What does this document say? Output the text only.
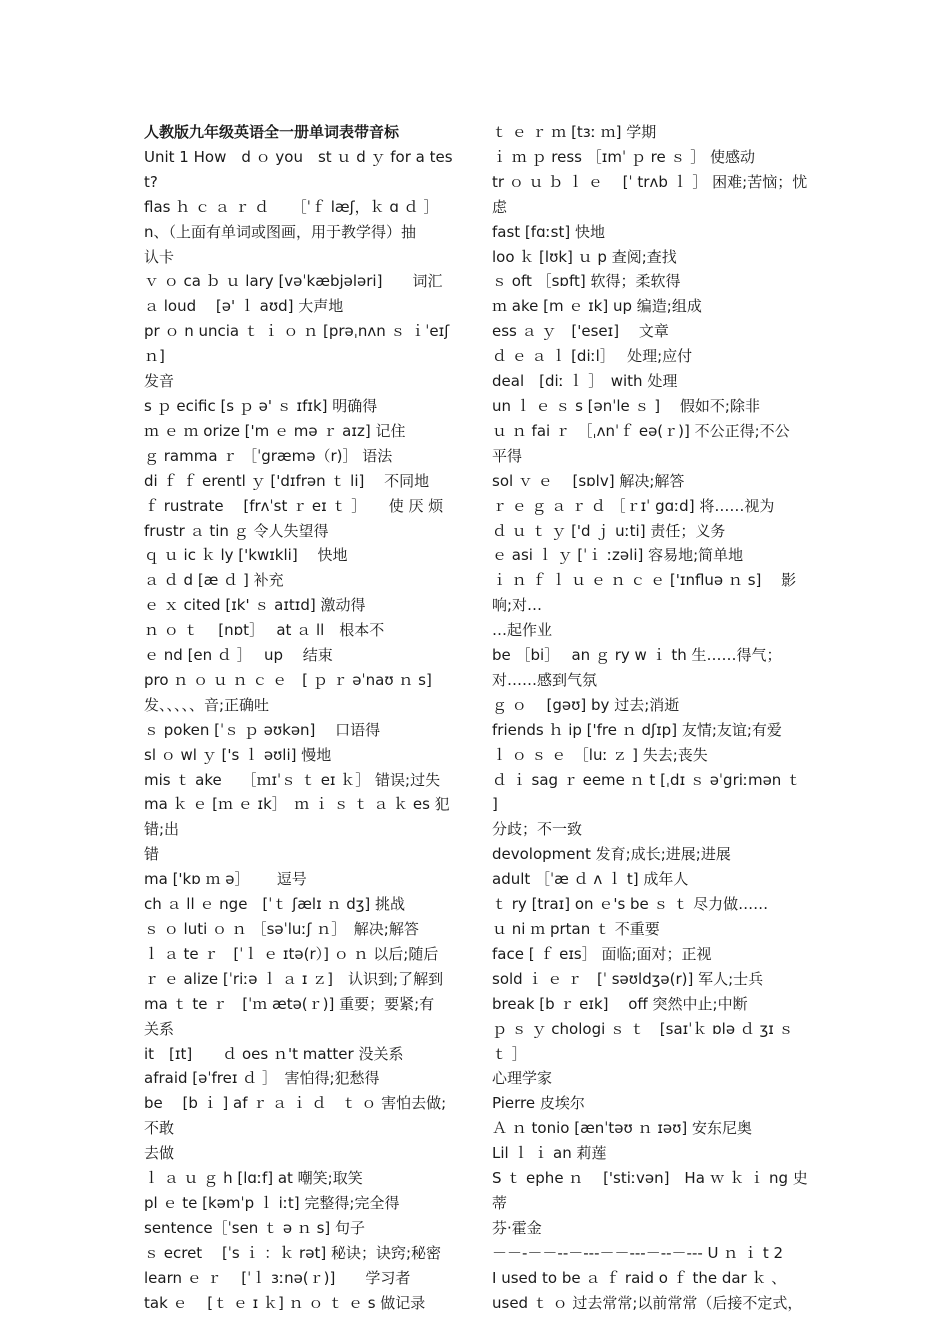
人教版九年级英语全一册单词表带音标
Unit 1 How　d ｏ you　st ｕ d ｙ for a test?
flas ｈ ｃ ａ ｒ ｄ　　［ˈｆ læʃ，ｋ ɑ ｄ ］
n、（上面有单词或图画，用于教学得）抽
认卡
ｖ ｏ ca ｂ ｕ lary [vəˈkæbjələri]　　词汇
ａ loud　 [ə' ｌ aʊd] 大声地
pr ｏ n uncia ｔ ｉ ｏ ｎ [prəˌnʌn ｓ ｉˈeɪʃ ｎ]
发音
s ｐ ecific [s ｐ ə' ｓ ɪfɪk] 明确得
ｍ ｅ ｍ orize ['m ｅ mə ｒ aɪz] 记住
ｇ ramma ｒ ［ˈgræmə（r)］ 语法
di ｆ ｆ erentl ｙ ['dɪfrən ｔ li]　 不同地
ｆ rustrate　 [frʌˈst ｒ eɪ ｔ ］　　使 厌 烦
frustr ａ tin ｇ 令人失望得
ｑ ｕ ic ｋ ly ['kwɪkli]　 快地
ａ ｄ d [æ ｄ ] 补充
ｅ ｘ cited [ɪk' ｓ aɪtɪd] 激动得
ｎ ｏ ｔ　 [nɒt］　 at ａ ll　根本不
ｅ nd [en ｄ ］　 up　 结束
pro ｎ ｏ ｕ ｎ ｃ ｅ　[ ｐ ｒ əˈnaʊ ｎ s]
发、、、、、音;正确吐
ｓ poken [ˈｓ ｐ əʊkən]　 口语得
sl ｏ wl ｙ ['s ｌ əʊli] 慢地
mis ｔ ake　 ［ｍɪˈｓ ｔ eɪ ｋ］ 错误;过失
ma ｋ ｅ [ｍ ｅ ɪk］　ｍ ｉ ｓ ｔ ａ ｋ es 犯错;出
错
ma ['kɒ ｍ ə］　　 逗号
ch ａ ll ｅ nge　[ˈｔ ʃælɪ ｎ dʒ] 挑战
ｓ ｏ luti ｏ ｎ ［səˈluːʃ ｎ］　解决;解答
ｌ ａ te ｒ　[ˈｌ ｅ ɪtə(r）] ｏ ｎ 以后;随后
ｒ ｅ alize [ˈriːə ｌ ａ ɪ ｚ]　认识到;了解到
ma ｔ te ｒ　[ˈｍ ætə(ｒ)] 重要；要紧;有
关系
it　[ɪt]　　ｄ oes ｎ't matter 没关系
afraid [əˈfreɪ ｄ ］　害怕得;犯愁得
be　 [b ｉ ] af ｒ ａ ｉ ｄ　ｔ ｏ 害怕去做;不敢
去做
ｌ ａ ｕ ｇ h [lɑːf] at 嘲笑;取笑
pl ｅ te [kəmˈp ｌ iːt] 完整得;完全得
sentence［ˈsen ｔ ə ｎ s] 句子
ｓ ecret　 [ˈs ｉ ：ｋ rət] 秘诀；诀窍;秘密
learn ｅ ｒ　 [ˈｌ ɜːnə(ｒ)]　　学习者
tak ｅ　 [ｔ ｅ ɪ ｋ] ｎ ｏ ｔ ｅ s 做记录
ｔ ｅ ｒ ｍ [tɜː ｍ] 学期
ｉ ｍ ｐ ress ［ɪmˈ ｐ re ｓ ］ 使感动
tr ｏ ｕ ｂ ｌ ｅ　 [ˈ trʌb ｌ ］ 困难;苦恼；忧
虑
fast [fɑːst] 快地
loo ｋ [lʊk] ｕ p 查阅;查找
ｓ oft ［sɒft] 软得；柔软得
ｍ ake [m ｅ ɪk] up 编造;组成
ess ａ ｙ　['eseɪ]　 文章
ｄ ｅ ａ ｌ [diːl］　 处理;应付
deal　[diː ｌ ］　with 处理
un ｌ ｅ ｓ s [ənˈle ｓ ]　 假如不;除非
ｕ ｎ fai ｒ　［ˌʌnˈｆ eə(ｒ)] 不公正得;不公
平得
sol ｖ ｅ　 [sɒlv] 解决;解答
ｒ ｅ ｇ ａ ｒ ｄ ［ｒɪˈ gɑːd] 将……视为
ｄ ｕ ｔ ｙ ['d ｊ uːti] 责任；义务
ｅ asi ｌ ｙ [ˈｉ ːzəli] 容易地;简单地
ｉ ｎ ｆ ｌ ｕ ｅ ｎ ｃ ｅ ['ɪnfluə ｎ s]　 影响;对…
…起作业
be ［bi］　 an ｇ ry w ｉ th 生……得气；
对……感到气氛
ｇ ｏ　 [gəʊ] by 过去;消逝
friends ｈ ip ['fre ｎ dʃɪp] 友情;友谊;有爱
ｌ ｏ ｓ ｅ　［luː ｚ ] 失去;丧失
ｄ ｉ sag ｒ eeme ｎ t [ˌdɪ ｓ əˈgriːmən ｔ ]
分歧；不一致
devolopment 发育;成长;进展;进展
adult ［ˈæ ｄ ʌ ｌ t] 成年人
ｔ ry [traɪ] on ｅ's be ｓ ｔ 尽力做……
ｕ ni ｍ prtan ｔ 不重要
face [ ｆ eɪs］ 面临;面对；正视
sold ｉ ｅ ｒ　[ˈ səʊldʒə(r)] 军人;士兵
break [b ｒ eɪk]　 off 突然中止;中断
ｐ ｓ ｙ chologi ｓ ｔ　[saɪˈｋ ɒlə ｄ ʒɪ ｓ ｔ ］
心理学家
Pierre 皮埃尔
Ａ ｎ tonio [ænˈtəʊ ｎ ɪəʊ] 安东尼奥
Lil ｌ ｉ an 莉莲
S ｔ ephe ｎ　 ['stiːvən]　Ha ｗ ｋ ｉ ng 史蒂
芬·霍金
－－-－－--－---－－---－--－--- U ｎ ｉ t 2
I used to be ａ ｆ raid o ｆ the dar ｋ 、
used ｔ ｏ 过去常常;以前常常（后接不定式，
